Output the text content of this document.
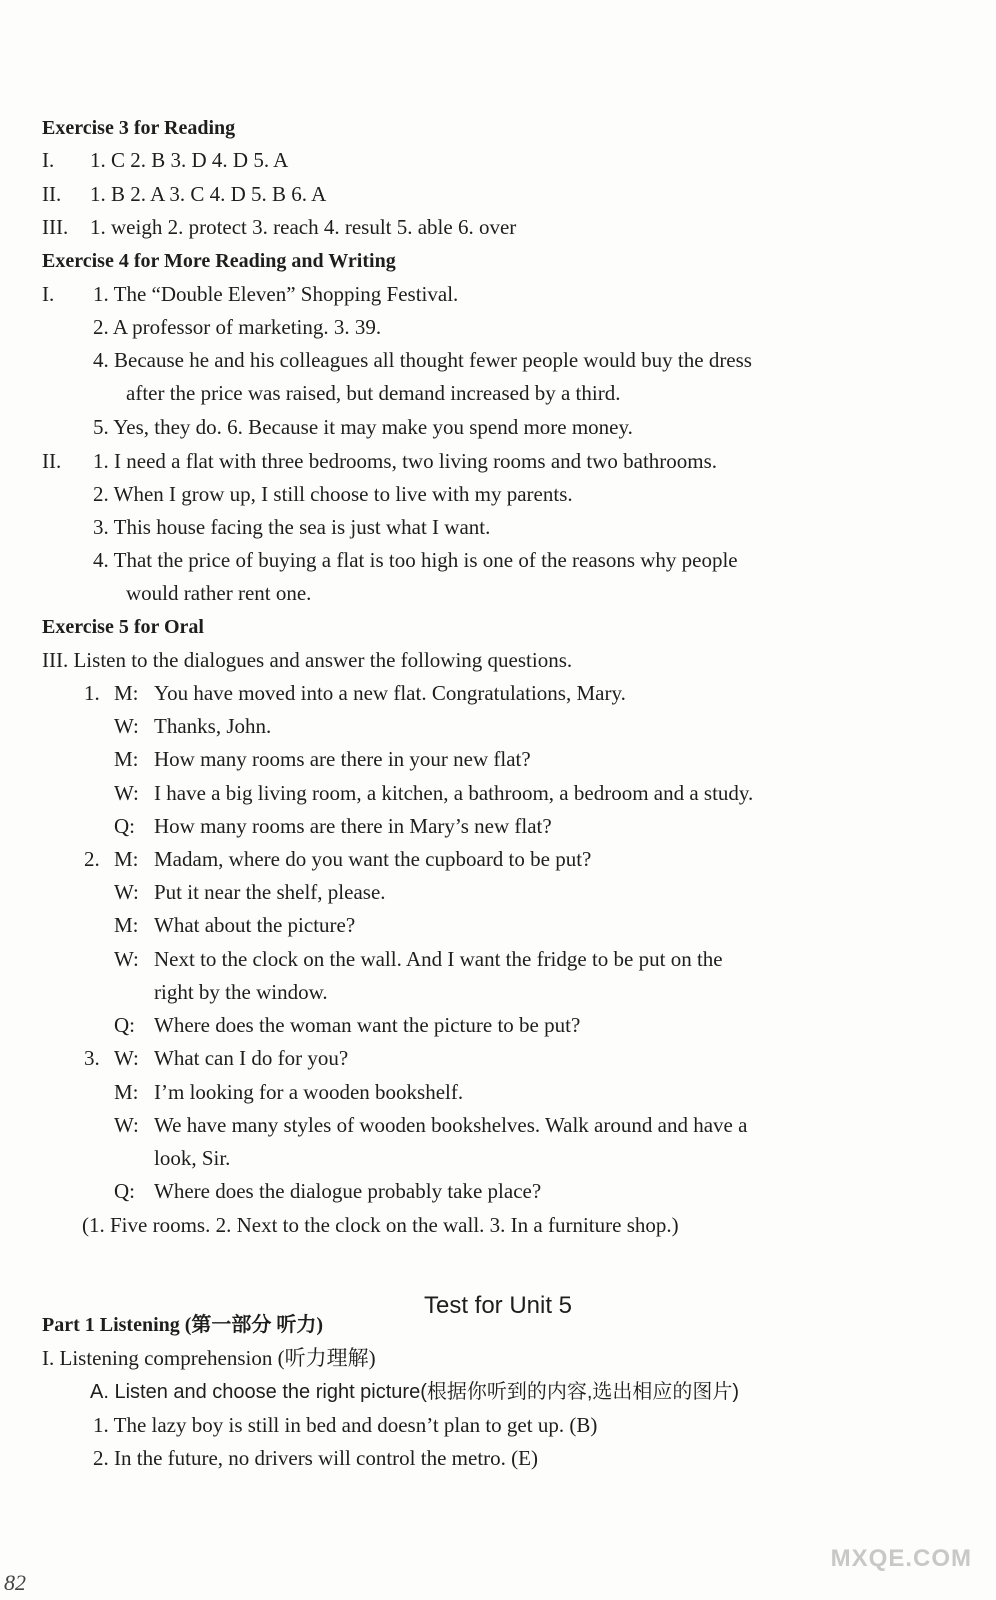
Exercise 3 for Reading
I. 1. C 2. B 3. D 4. D 5. A
II. 1. B 2. A 3. C 4. D 5. B 6. A
III. 1. weigh 2. protect 3. reach 4. result 5. able 6. over
Exercise 4 for More Reading and Writing
I. 1. The “Double Eleven” Shopping Festival.
2. A professor of marketing. 3. 39.
4. Because he and his colleagues all thought fewer people would buy the dress
after the price was raised, but demand increased by a third.
5. Yes, they do. 6. Because it may make you spend more money.
II. 1. I need a flat with three bedrooms, two living rooms and two bathrooms.
2. When I grow up, I still choose to live with my parents.
3. This house facing the sea is just what I want.
4. That the price of buying a flat is too high is one of the reasons why people
would rather rent one.
Exercise 5 for Oral
III. Listen to the dialogues and answer the following questions.
1. M: You have moved into a new flat. Congratulations, Mary.
W: Thanks, John.
M: How many rooms are there in your new flat?
W: I have a big living room, a kitchen, a bathroom, a bedroom and a study.
Q: How many rooms are there in Mary’s new flat?
2. M: Madam, where do you want the cupboard to be put?
W: Put it near the shelf, please.
M: What about the picture?
W: Next to the clock on the wall. And I want the fridge to be put on the
right by the window.
Q: Where does the woman want the picture to be put?
3. W: What can I do for you?
M: I’m looking for a wooden bookshelf.
W: We have many styles of wooden bookshelves. Walk around and have a
look, Sir.
Q: Where does the dialogue probably take place?
(1. Five rooms. 2. Next to the clock on the wall. 3. In a furniture shop.)
Test for Unit 5
Part 1 Listening (第一部分 听力)
I. Listening comprehension (听力理解)
A. Listen and choose the right picture(根据你听到的内容,选出相应的图片)
1. The lazy boy is still in bed and doesn’t plan to get up. (B)
2. In the future, no drivers will control the metro. (E)
82
MXQE.COM
